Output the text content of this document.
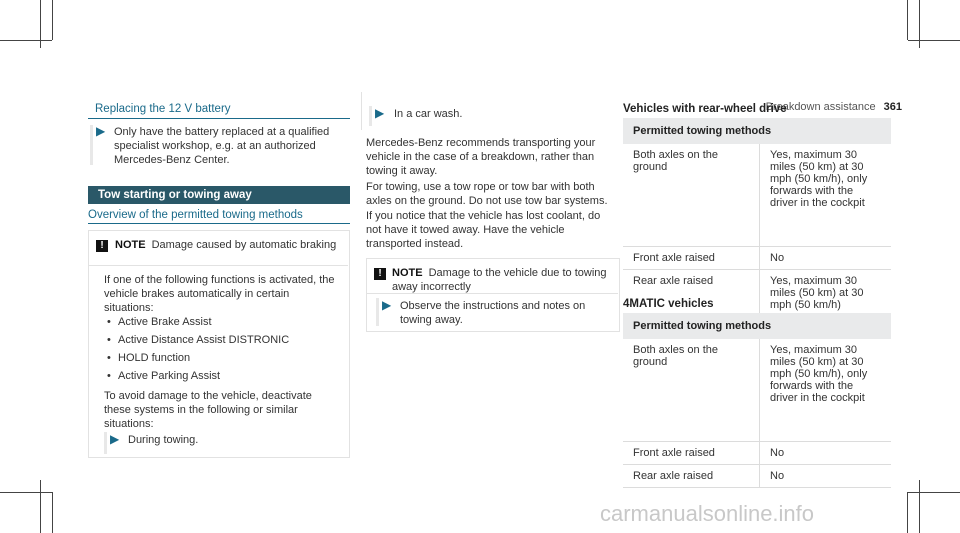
Breakdown assistance 361
Replacing the 12 V battery
▶ Only have the battery replaced at a qualified specialist workshop, e.g. at an authorized Mercedes-Benz Center.
Tow starting or towing away
Overview of the permitted towing methods
!	NOTE Damage caused by automatic braking
If one of the following functions is activated, the vehicle brakes automatically in certain situations:
• Active Brake Assist
• Active Distance Assist DISTRONIC
• HOLD function
• Active Parking Assist
To avoid damage to the vehicle, deactivate these systems in the following or similar situations:
▶ During towing.
▶ In a car wash.
Mercedes-Benz recommends transporting your vehicle in the case of a breakdown, rather than towing it away.
For towing, use a tow rope or tow bar with both axles on the ground. Do not use tow bar systems.
If you notice that the vehicle has lost coolant, do not have it towed away. Have the vehicle transported instead.
! NOTE Damage to the vehicle due to towing away incorrectly
▶ Observe the instructions and notes on towing away.
Vehicles with rear-wheel drive
Permitted towing methods	
Both axles on the ground	Yes, maximum 30 miles (50 km) at 30 mph (50 km/h), only forwards with the driver in the cockpit
Front axle raised	No
Rear axle raised	Yes, maximum 30 miles (50 km) at 30 mph (50 km/h)
4MATIC vehicles
Permitted towing methods	
Both axles on the ground	Yes, maximum 30 miles (50 km) at 30 mph (50 km/h), only forwards with the driver in the cockpit
Front axle raised	No
Rear axle raised	No
carmanualsonline.info
